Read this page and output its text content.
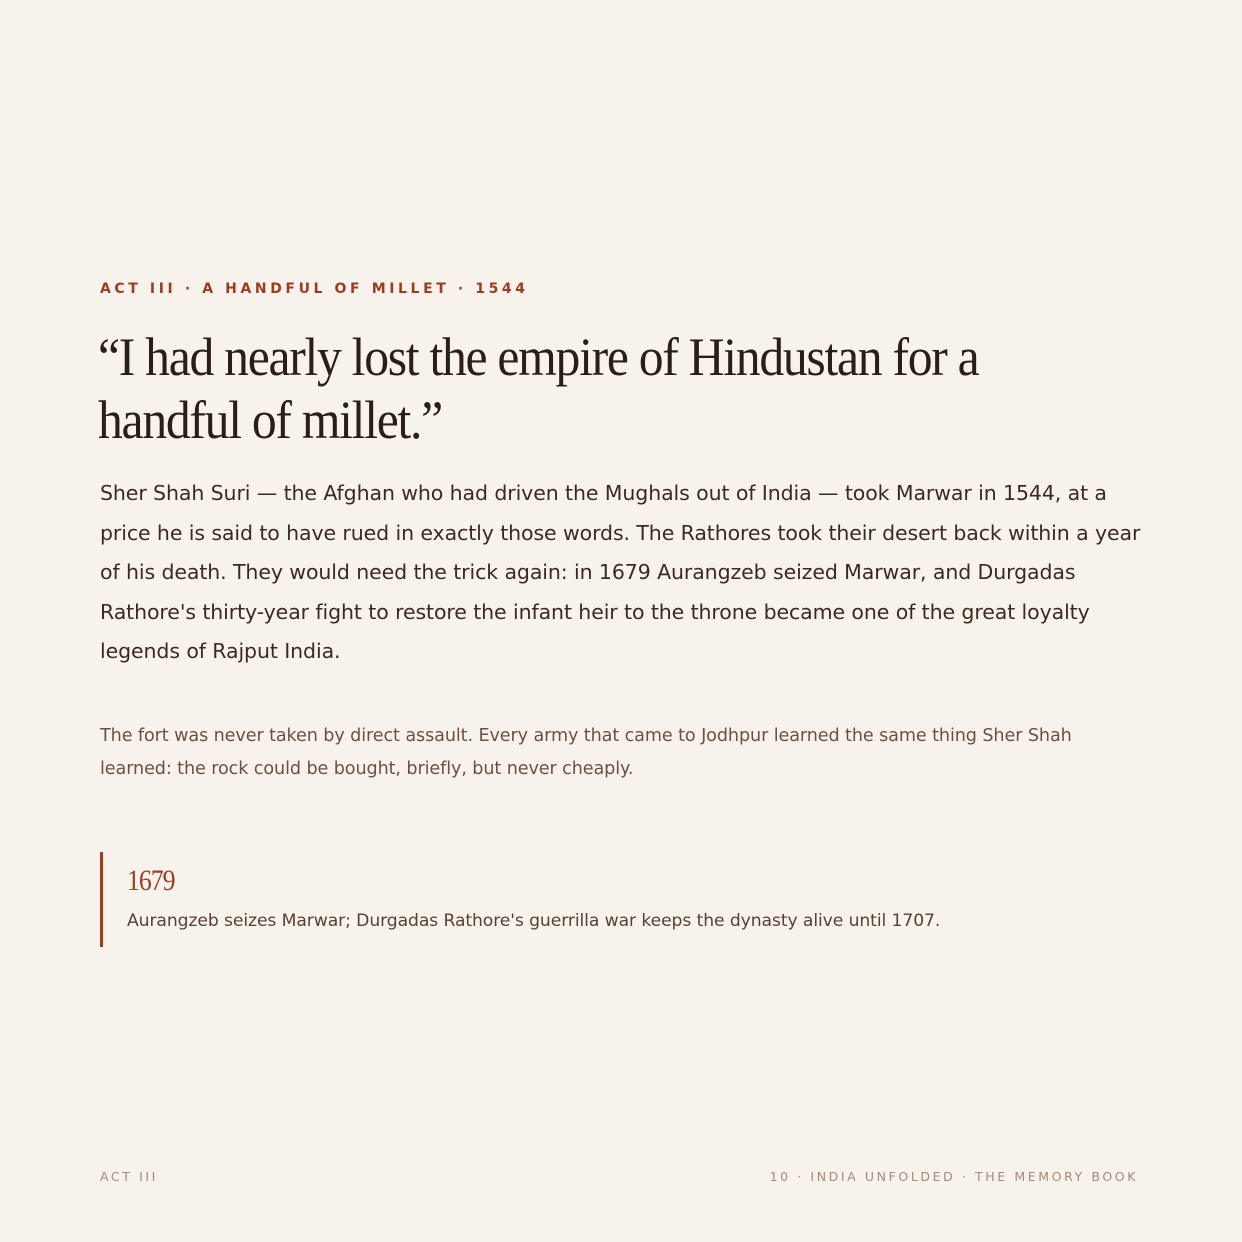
ACT III · A HANDFUL OF MILLET · 1544
“I had nearly lost the empire of Hindustan for a handful of millet.”

Sher Shah Suri — the Afghan who had driven the Mughals out of India — took Marwar in 1544, at a price he is said to have rued in exactly those words. The Rathores took their desert back within a year of his death. They would need the trick again: in 1679 Aurangzeb seized Marwar, and Durgadas Rathore's thirty-year fight to restore the infant heir to the throne became one of the great loyalty legends of Rajput India.

The fort was never taken by direct assault. Every army that came to Jodhpur learned the same thing Sher Shah learned: the rock could be bought, briefly, but never cheaply.

1679
Aurangzeb seizes Marwar; Durgadas Rathore's guerrilla war keeps the dynasty alive until 1707.
ACT III	10 · INDIA UNFOLDED · THE MEMORY BOOK
